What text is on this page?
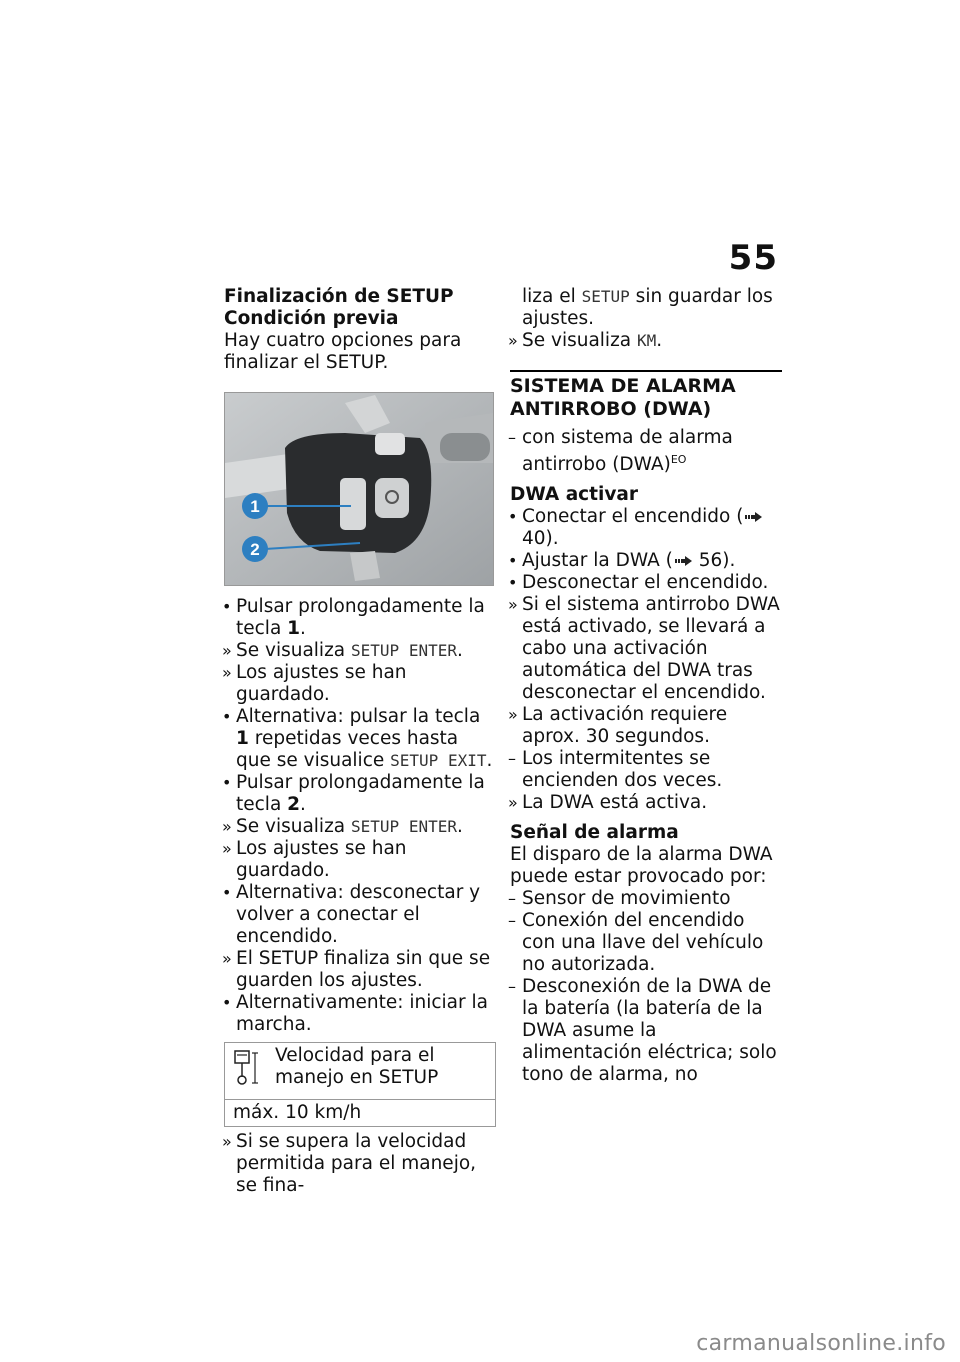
55

Finalización de SETUP

Condición previa

Hay cuatro opciones para finalizar el SETUP.

1
2

• Pulsar prolongadamente la tecla 1.

» Se visualiza SETUP ENTER.

» Los ajustes se han guardado.

• Alternativa: pulsar la tecla 1 repetidas veces hasta que se visualice SETUP EXIT.

• Pulsar prolongadamente la tecla 2.

» Se visualiza SETUP ENTER.

» Los ajustes se han guardado.

• Alternativa: desconectar y volver a conectar el encendido.

» El SETUP finaliza sin que se guarden los ajustes.

• Alternativamente: iniciar la marcha.

Velocidad para el manejo en SETUP
máx. 10 km/h

» Si se supera la velocidad permitida para el manejo, se fina-

liza el SETUP sin guardar los ajustes.

» Se visualiza KM.

SISTEMA DE ALARMA ANTIRROBO (DWA)

– con sistema de alarma antirrobo (DWA)$^{EO}$

DWA activar

• Conectar el encendido ( 40).

• Ajustar la DWA ( 56).

• Desconectar el encendido.

» Si el sistema antirrobo DWA está activado, se llevará a cabo una activación automática del DWA tras desconectar el encendido.

» La activación requiere aprox. 30 segundos.

– Los intermitentes se encienden dos veces.

» La DWA está activa.

Señal de alarma

El disparo de la alarma DWA puede estar provocado por:

– Sensor de movimiento

– Conexión del encendido con una llave del vehículo no autorizada.

– Desconexión de la DWA de la batería (la batería de la DWA asume la alimentación eléctrica; solo tono de alarma, no

carmanualsonline.info
